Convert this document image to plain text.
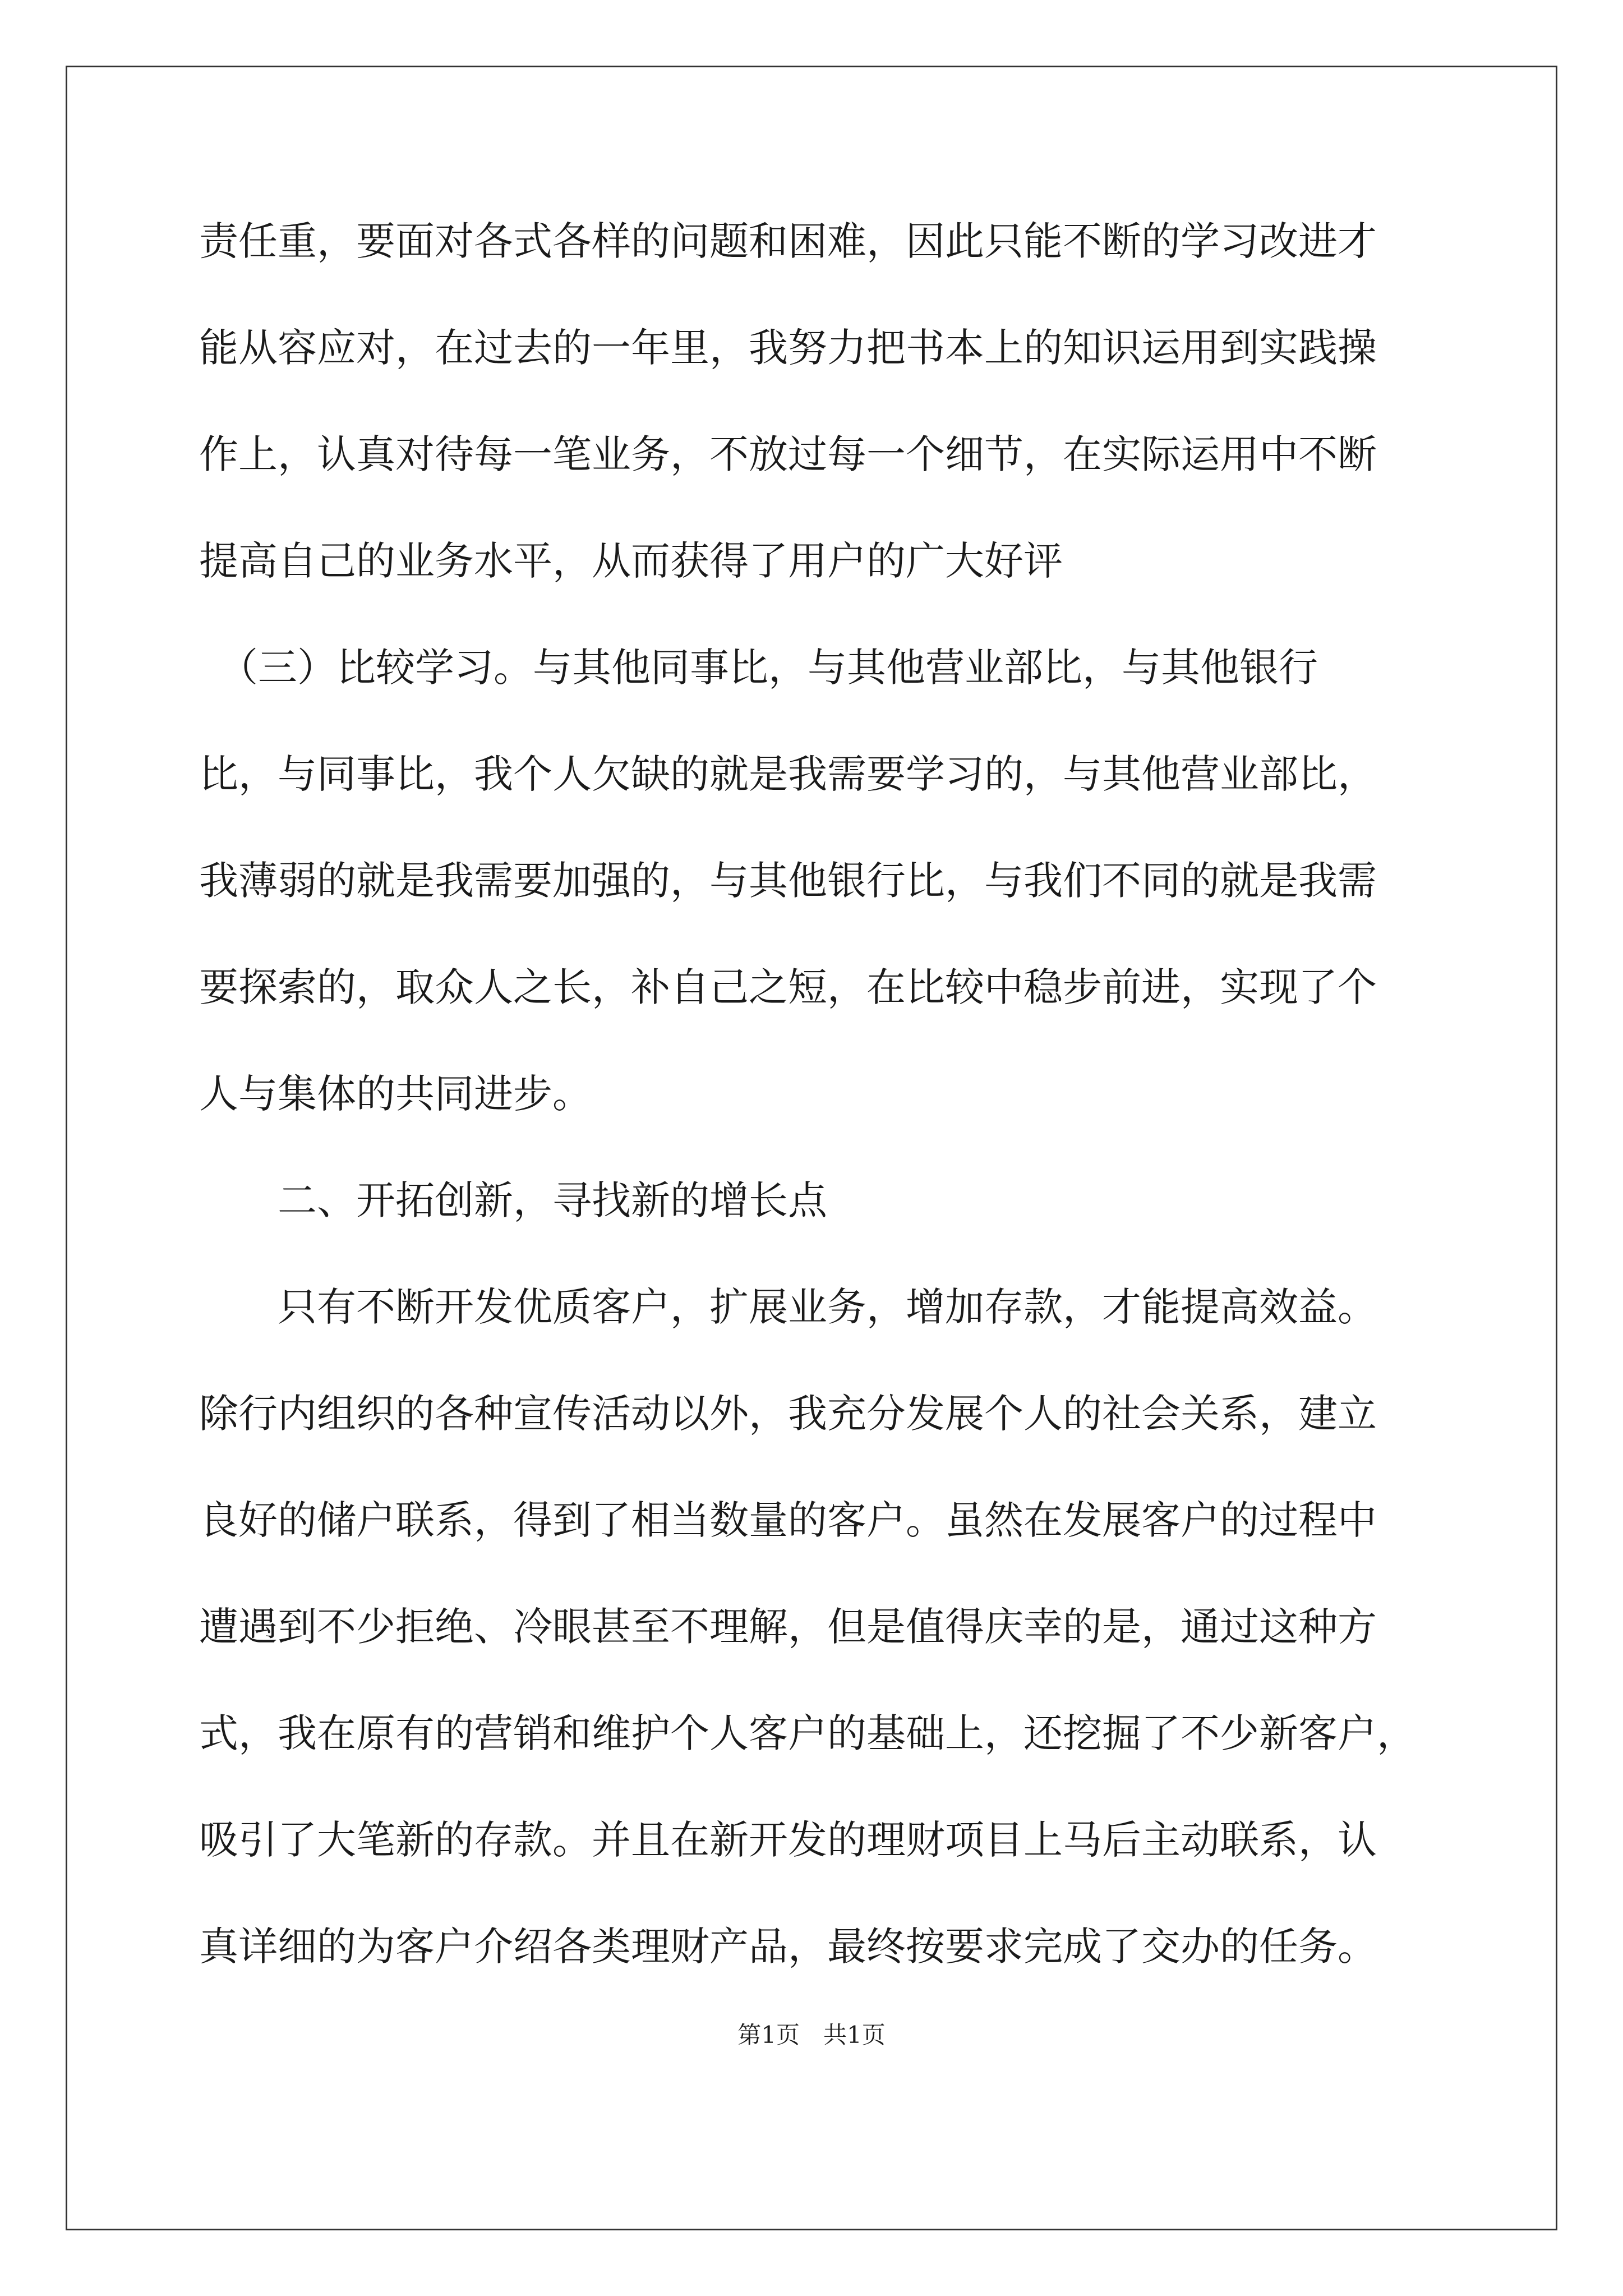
责任重，要面对各式各样的问题和困难，因此只能不断的学习改进才
能从容应对，在过去的一年里，我努力把书本上的知识运用到实践操
作上，认真对待每一笔业务，不放过每一个细节，在实际运用中不断
提高自己的业务水平，从而获得了用户的广大好评
　（三）比较学习。与其他同事比，与其他营业部比，与其他银行
比，与同事比，我个人欠缺的就是我需要学习的，与其他营业部比，
我薄弱的就是我需要加强的，与其他银行比，与我们不同的就是我需
要探索的，取众人之长，补自己之短，在比较中稳步前进，实现了个
人与集体的共同进步。
　　二、开拓创新，寻找新的增长点
　　只有不断开发优质客户，扩展业务，增加存款，才能提高效益。
除行内组织的各种宣传活动以外，我充分发展个人的社会关系，建立
良好的储户联系，得到了相当数量的客户。虽然在发展客户的过程中
遭遇到不少拒绝、冷眼甚至不理解，但是值得庆幸的是，通过这种方
式，我在原有的营销和维护个人客户的基础上，还挖掘了不少新客户，
吸引了大笔新的存款。并且在新开发的理财项目上马后主动联系，认
真详细的为客户介绍各类理财产品，最终按要求完成了交办的任务。
第1页　共1页
